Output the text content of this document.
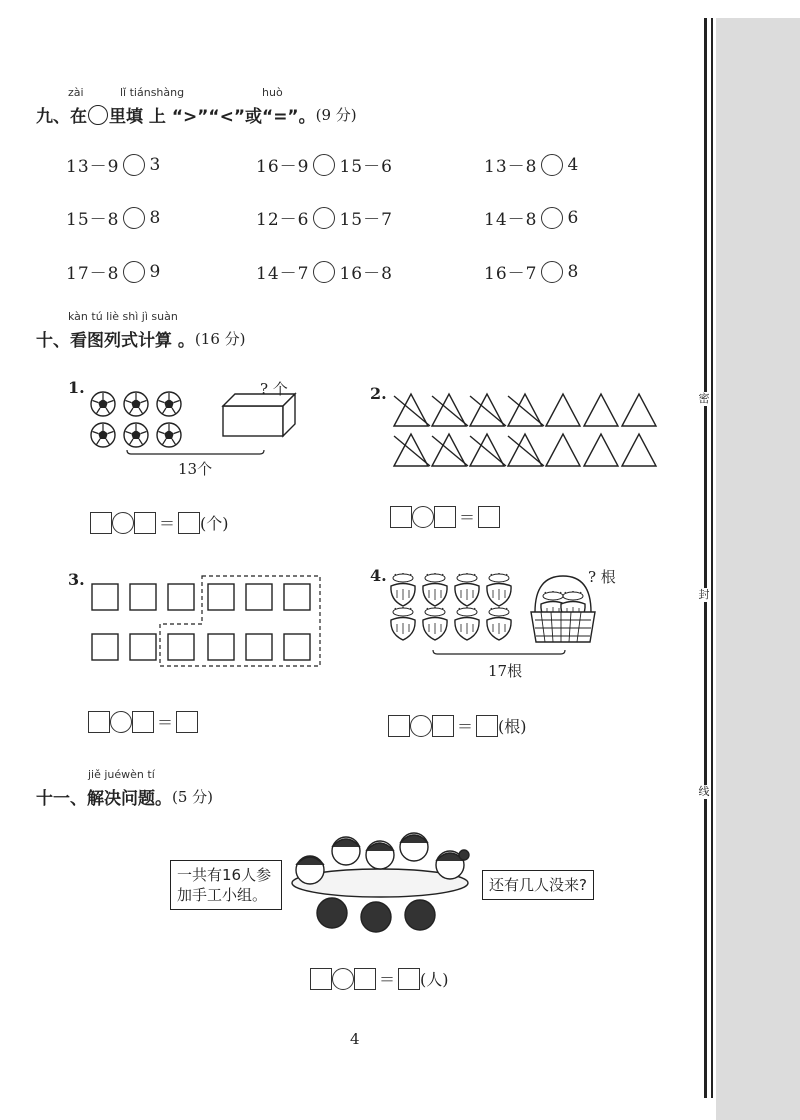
密
封
线
zài	lǐ tiánshàng	huò
九、在 里填 上 “>”“<”或“=”。 (9 分)
13－9 3	16－9 15－6	13－8 4
15－8 8	12－6 15－7	14－8 6
17－8 9	14－7 16－8	16－7 8
kàn tú liè shì jì suàn
十、看图列式计算 。 (16 分)
1.	? 个
13个
＝ (个)
2.
＝
3.
＝
4.	? 根
17根
＝ (根)
jiě juéwèn tí
十一、解决问题。 (5 分)
一共有16人参加手工小组。
还有几人没来?
＝ (人)
4
